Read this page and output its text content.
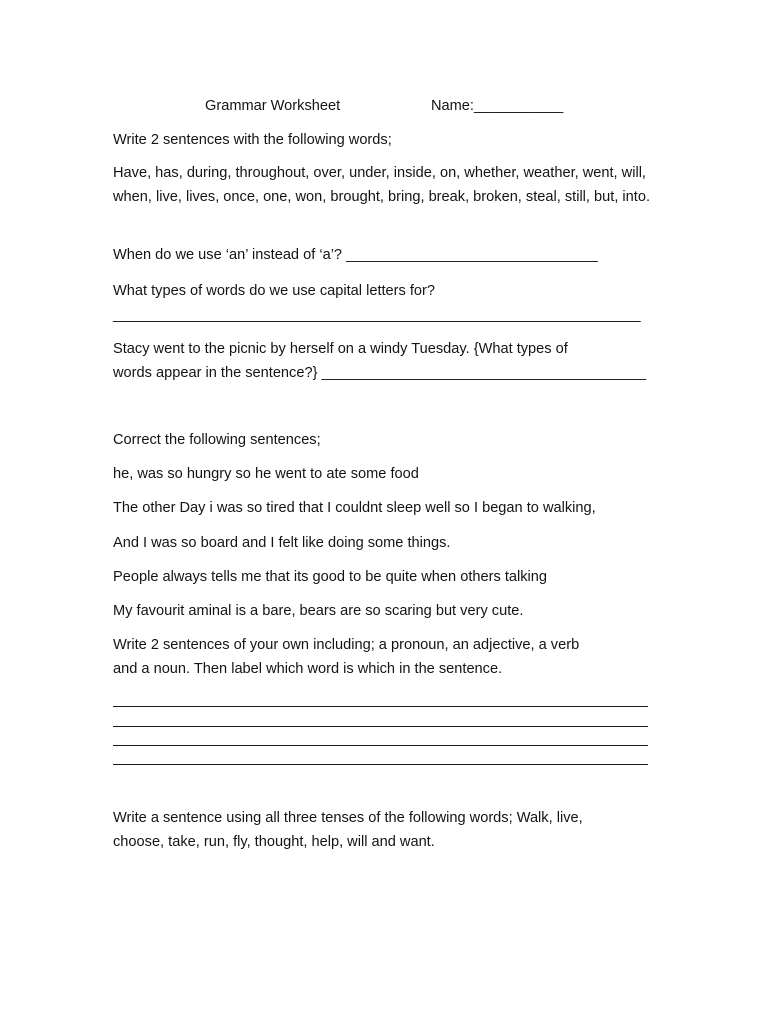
Grammar Worksheet	Name:___________

Write 2 sentences with the following words;

Have, has, during, throughout, over, under, inside, on, whether, weather, went, will, when, live, lives, once, one, won, brought, bring, break, broken, steal, still, but, into.

When do we use ‘an’ instead of ‘a’? _______________________________

What types of words do we use capital letters for?

_________________________________________________________________

Stacy went to the picnic by herself on a windy Tuesday. {What types of

words appear in the sentence?} ________________________________________

Correct the following sentences;

he, was so hungry so he went to ate some food

The other Day i was so tired that I couldnt sleep well so I began to walking,

And I was so board and I felt like doing some things.

People always tells me that its good to be quite when others talking

My favourit aminal is a bare, bears are so scaring but very cute.

Write 2 sentences of your own including; a pronoun, an adjective, a verb

and a noun. Then label which word is which in the sentence.

Write a sentence using all three tenses of the following words; Walk, live,

choose, take, run, fly, thought, help, will and want.
